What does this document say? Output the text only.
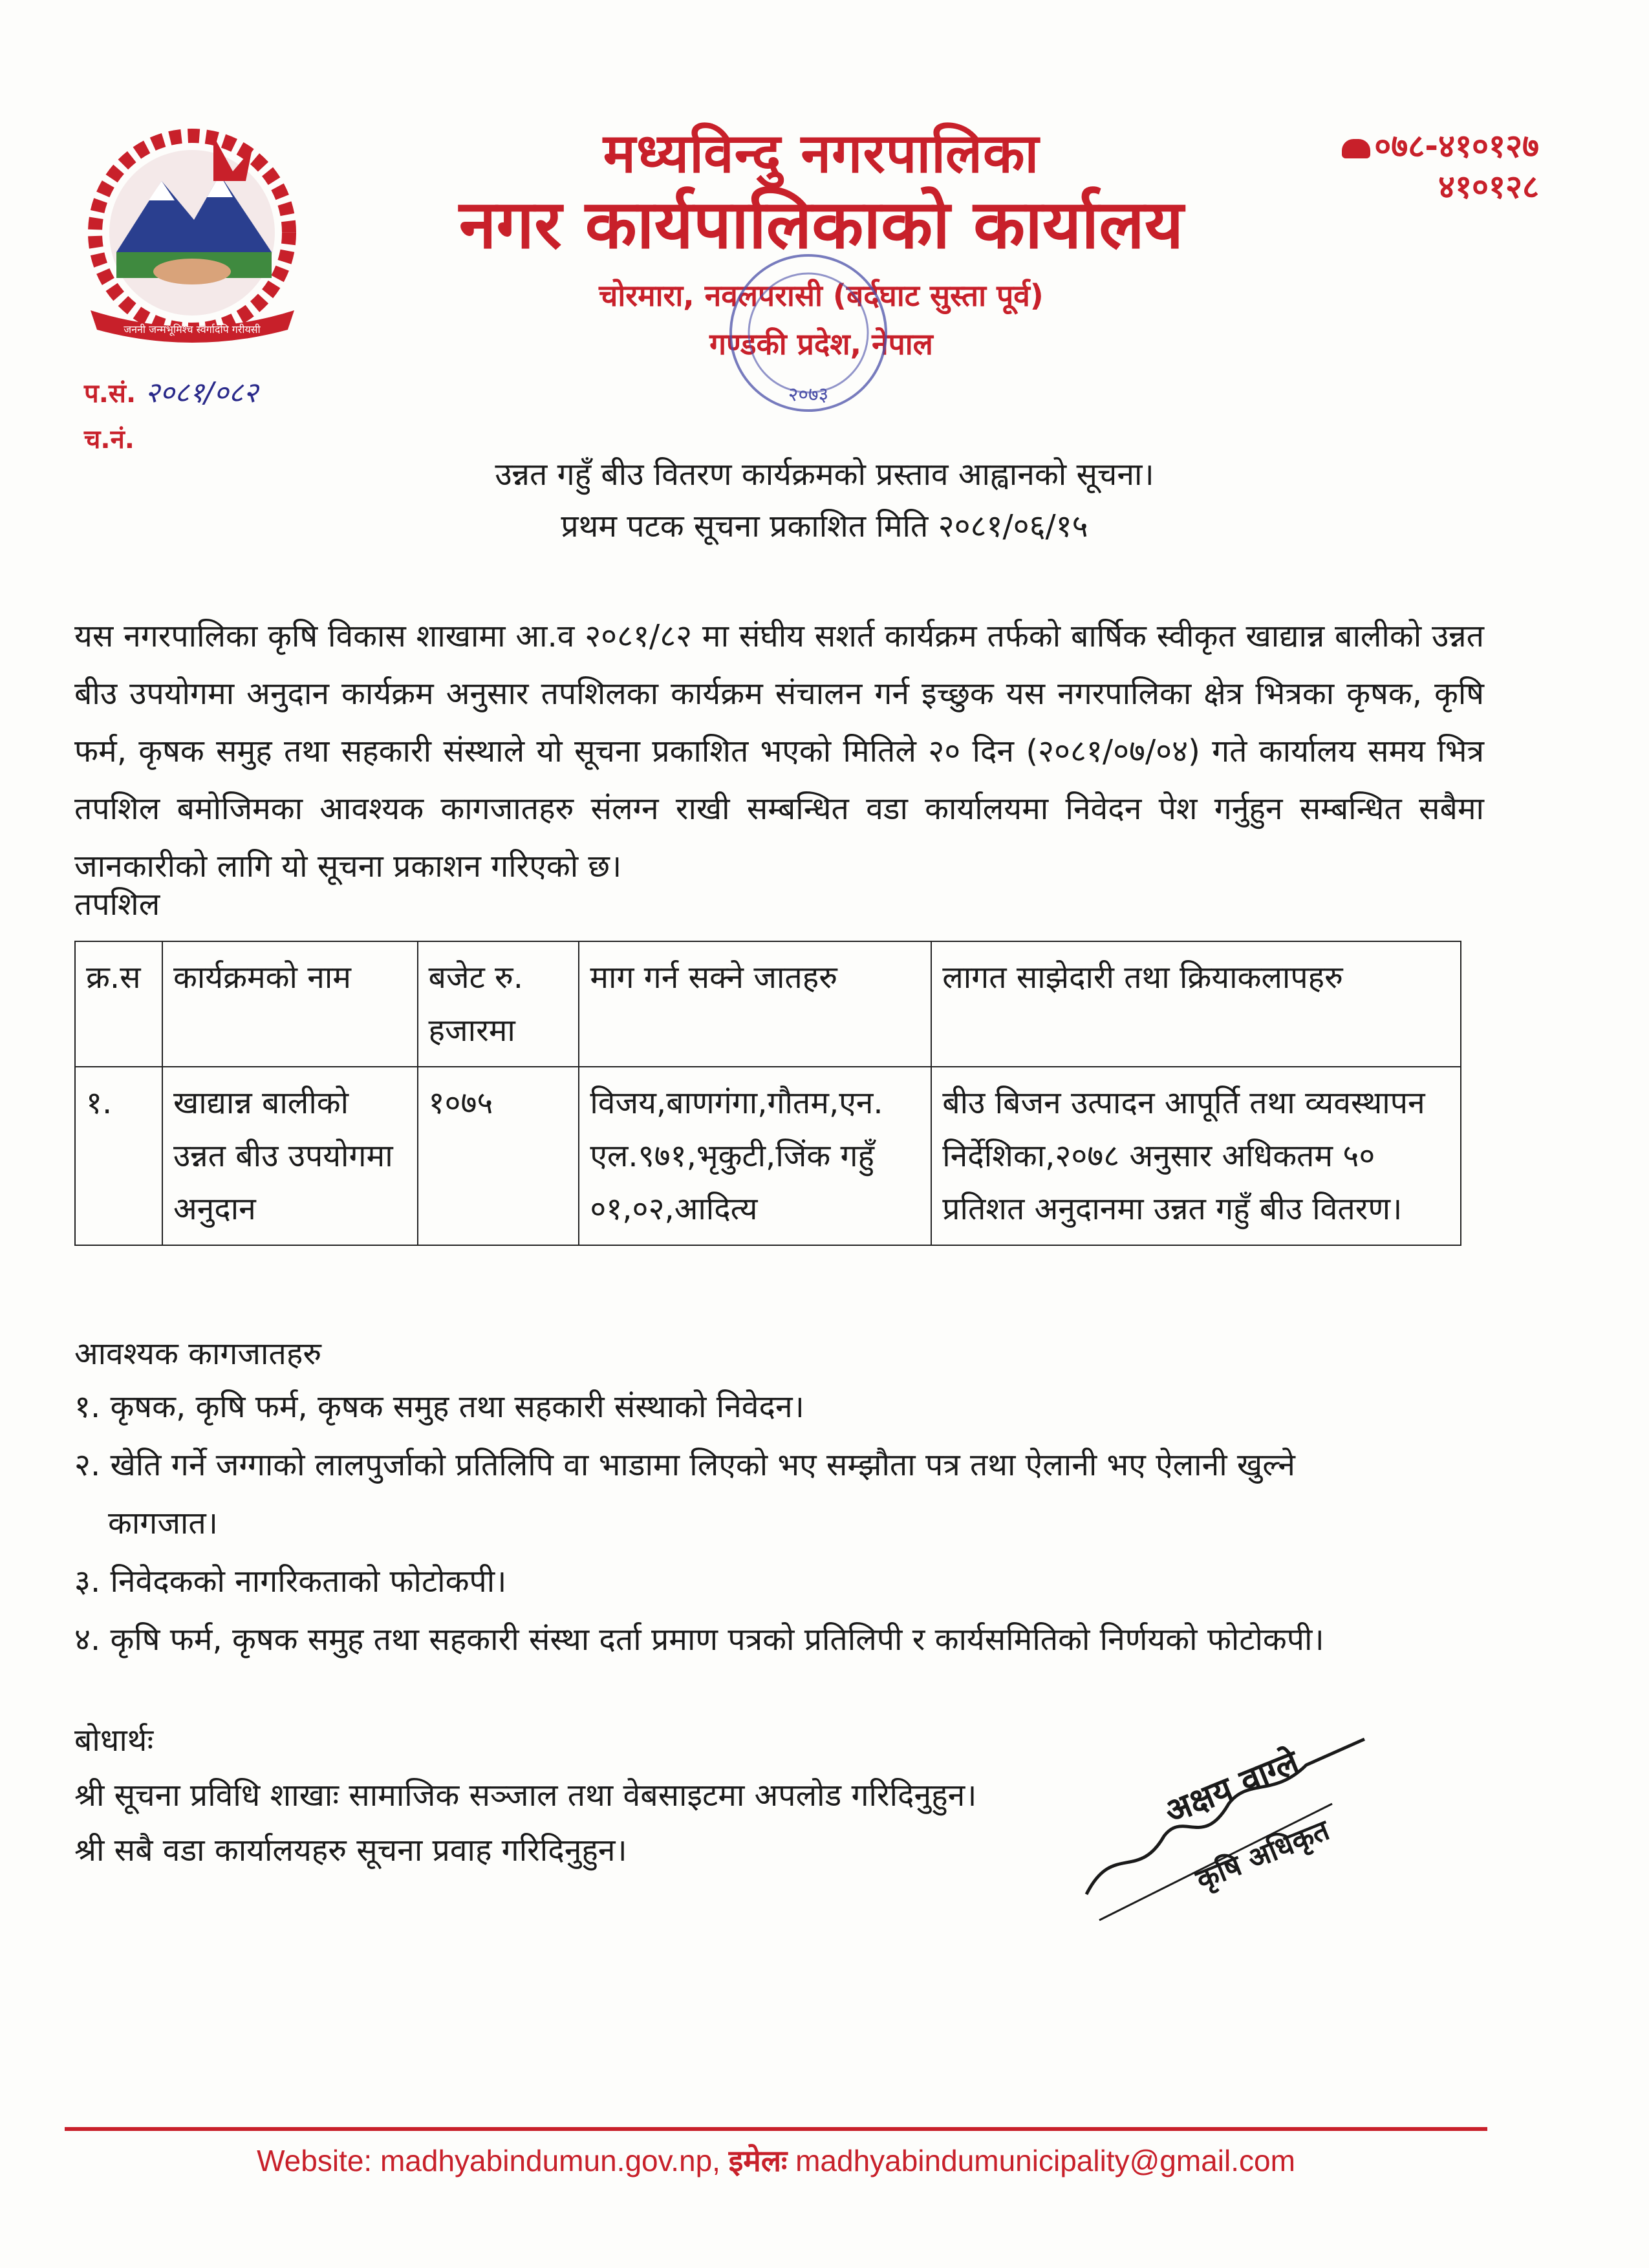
जननी जन्मभूमिश्च स्वर्गादपि गरीयसी
मध्यविन्दु नगरपालिका
नगर कार्यपालिकाको कार्यालय
चोरमारा, नवलपरासी (बर्दघाट सुस्ता पूर्व)
गण्डकी प्रदेश, नेपाल
०७८-४१०१२७
४१०१२८
२०७३
प.सं. २०८१/०८२
च.नं.
उन्नत गहुँ बीउ वितरण कार्यक्रमको प्रस्ताव आह्वानको सूचना।
प्रथम पटक सूचना प्रकाशित मिति २०८१/०६/१५
यस नगरपालिका कृषि विकास शाखामा आ.व २०८१/८२ मा संघीय सशर्त कार्यक्रम तर्फको बार्षिक स्वीकृत खाद्यान्न बालीको उन्नत बीउ उपयोगमा अनुदान कार्यक्रम अनुसार तपशिलका कार्यक्रम संचालन गर्न इच्छुक यस नगरपालिका क्षेत्र भित्रका कृषक, कृषि फर्म, कृषक समुह तथा सहकारी संस्थाले यो सूचना प्रकाशित भएको मितिले २० दिन (२०८१/०७/०४) गते कार्यालय समय भित्र तपशिल बमोजिमका आवश्यक कागजातहरु संलग्न राखी सम्बन्धित वडा कार्यालयमा निवेदन पेश गर्नुहुन सम्बन्धित सबैमा जानकारीको लागि यो सूचना प्रकाशन गरिएको छ।
तपशिल
क्र.स	कार्यक्रमको नाम	बजेट रु. हजारमा	माग गर्न सक्ने जातहरु	लागत साझेदारी तथा क्रियाकलापहरु
१.	खाद्यान्न बालीको उन्नत बीउ उपयोगमा अनुदान	१०७५	विजय,बाणगंगा,गौतम,एन. एल.९७१,भृकुटी,जिंक गहुँ ०१,०२,आदित्य	बीउ बिजन उत्पादन आपूर्ति तथा व्यवस्थापन निर्देशिका,२०७८ अनुसार अधिकतम ५० प्रतिशत अनुदानमा उन्नत गहुँ बीउ वितरण।
आवश्यक कागजातहरु
१. कृषक, कृषि फर्म, कृषक समुह तथा सहकारी संस्थाको निवेदन।
२. खेति गर्ने जग्गाको लालपुर्जाको प्रतिलिपि वा भाडामा लिएको भए सम्झौता पत्र तथा ऐलानी भए ऐलानी खुल्ने
कागजात।
३. निवेदकको नागरिकताको फोटोकपी।
४. कृषि फर्म, कृषक समुह तथा सहकारी संस्था दर्ता प्रमाण पत्रको प्रतिलिपी र कार्यसमितिको निर्णयको फोटोकपी।
बोधार्थः
श्री सूचना प्रविधि शाखाः सामाजिक सञ्जाल तथा वेबसाइटमा अपलोड गरिदिनुहुन।
श्री सबै वडा कार्यालयहरु सूचना प्रवाह गरिदिनुहुन।
अक्षय वाग्ले
कृषि अधिकृत
Website: madhyabindumun.gov.np, इमेलः madhyabindumunicipality@gmail.com
